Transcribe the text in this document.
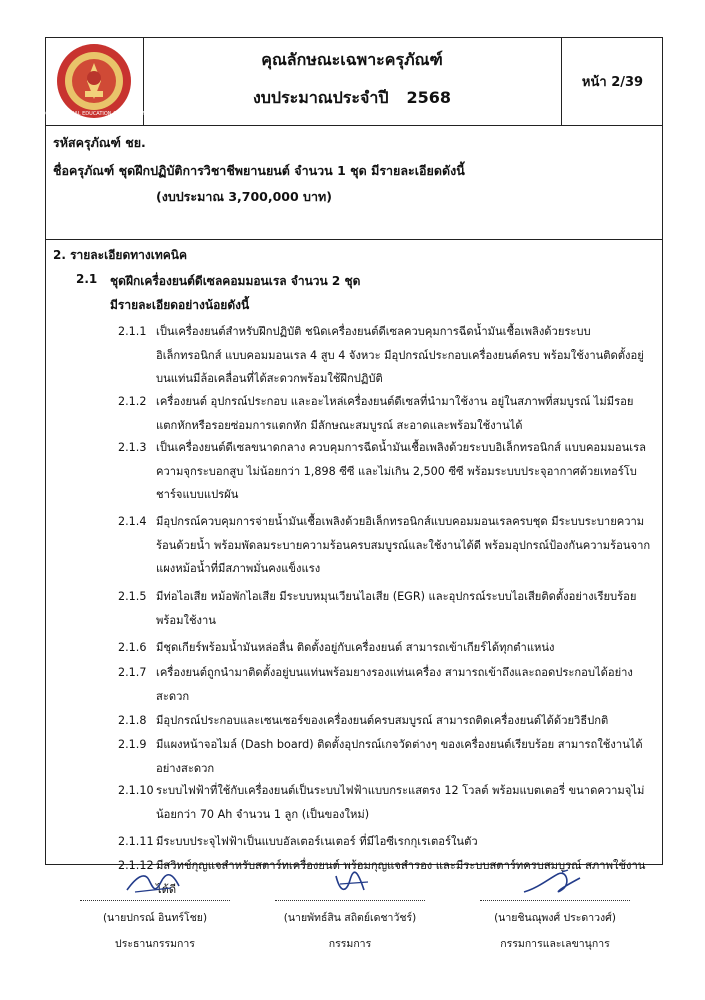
OCCUPATIONAL EDUCATION COMMISSION
คุณลักษณะเฉพาะครุภัณฑ์
งบประมาณประจำปี 2568
หน้า 2/39
รหัสครุภัณฑ์ ชย.
ชื่อครุภัณฑ์ ชุดฝึกปฏิบัติการวิชาชีพยานยนต์ จำนวน 1 ชุด มีรายละเอียดดังนี้
(งบประมาณ 3,700,000 บาท)
2. รายละเอียดทางเทคนิค
2.1 ชุดฝึกเครื่องยนต์ดีเซลคอมมอนเรล จำนวน 2 ชุด
มีรายละเอียดอย่างน้อยดังนี้
2.1.1 เป็นเครื่องยนต์สำหรับฝึกปฏิบัติ ชนิดเครื่องยนต์ดีเซลควบคุมการฉีดน้ำมันเชื้อเพลิงด้วยระบบอิเล็กทรอนิกส์ แบบคอมมอนเรล 4 สูบ 4 จังหวะ มีอุปกรณ์ประกอบเครื่องยนต์ครบ พร้อมใช้งานติดตั้งอยู่บนแท่นมีล้อเคลื่อนที่ได้สะดวกพร้อมใช้ฝึกปฏิบัติ
2.1.2 เครื่องยนต์ อุปกรณ์ประกอบ และอะไหล่เครื่องยนต์ดีเซลที่นำมาใช้งาน อยู่ในสภาพที่สมบูรณ์ ไม่มีรอยแตกหักหรือรอยซ่อมการแตกหัก มีลักษณะสมบูรณ์ สะอาดและพร้อมใช้งานได้
2.1.3 เป็นเครื่องยนต์ดีเซลขนาดกลาง ควบคุมการฉีดน้ำมันเชื้อเพลิงด้วยระบบอิเล็กทรอนิกส์ แบบคอมมอนเรล ความจุกระบอกสูบ ไม่น้อยกว่า 1,898 ซีซี และไม่เกิน 2,500 ซีซี พร้อมระบบประจุอากาศด้วยเทอร์โบชาร์จแบบแปรผัน
2.1.4 มีอุปกรณ์ควบคุมการจ่ายน้ำมันเชื้อเพลิงด้วยอิเล็กทรอนิกส์แบบคอมมอนเรลครบชุด มีระบบระบายความร้อนด้วยน้ำ พร้อมพัดลมระบายความร้อนครบสมบูรณ์และใช้งานได้ดี พร้อมอุปกรณ์ป้องกันความร้อนจากแผงหม้อน้ำที่มีสภาพมั่นคงแข็งแรง
2.1.5 มีท่อไอเสีย หม้อพักไอเสีย มีระบบหมุนเวียนไอเสีย (EGR) และอุปกรณ์ระบบไอเสียติดตั้งอย่างเรียบร้อยพร้อมใช้งาน
2.1.6 มีชุดเกียร์พร้อมน้ำมันหล่อลื่น ติดตั้งอยู่กับเครื่องยนต์ สามารถเข้าเกียร์ได้ทุกตำแหน่ง
2.1.7 เครื่องยนต์ถูกนำมาติดตั้งอยู่บนแท่นพร้อมยางรองแท่นเครื่อง สามารถเข้าถึงและถอดประกอบได้อย่างสะดวก
2.1.8 มีอุปกรณ์ประกอบและเซนเซอร์ของเครื่องยนต์ครบสมบูรณ์ สามารถติดเครื่องยนต์ได้ด้วยวิธีปกติ
2.1.9 มีแผงหน้าจอไมล์ (Dash board) ติดตั้งอุปกรณ์เกจวัดต่างๆ ของเครื่องยนต์เรียบร้อย สามารถใช้งานได้อย่างสะดวก
2.1.10 ระบบไฟฟ้าที่ใช้กับเครื่องยนต์เป็นระบบไฟฟ้าแบบกระแสตรง 12 โวลต์ พร้อมแบตเตอรี่ ขนาดความจุไม่น้อยกว่า 70 Ah จำนวน 1 ลูก (เป็นของใหม่)
2.1.11 มีระบบประจุไฟฟ้าเป็นแบบอัลเตอร์เนเตอร์ ที่มีไอซีเรกกุเรเตอร์ในตัว
2.1.12 มีสวิทช์กุญแจสำหรับสตาร์ทเครื่องยนต์ พร้อมกุญแจสำรอง และมีระบบสตาร์ทครบสมบูรณ์ สภาพใช้งานได้ดี
(นายปกรณ์ อินทร์โชย)
ประธานกรรมการ
(นายพัทธ์สิน สถิตย์เดชาวัชร์)
กรรมการ
(นายชินณุพงศ์ ประดาวงศ์)
กรรมการและเลขานุการ
